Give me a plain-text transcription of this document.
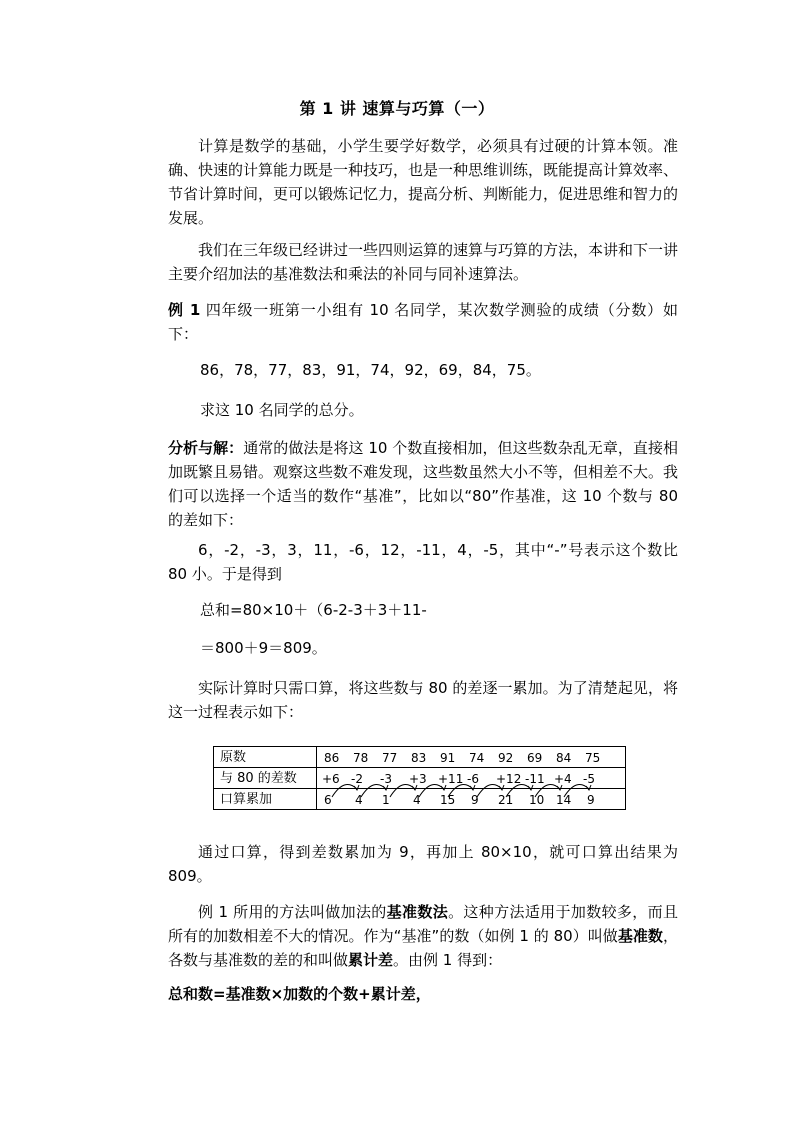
第 1 讲 速算与巧算（一）
计算是数学的基础，小学生要学好数学，必须具有过硬的计算本领。准确、快速的计算能力既是一种技巧，也是一种思维训练，既能提高计算效率、节省计算时间，更可以锻炼记忆力，提高分析、判断能力，促进思维和智力的发展。
我们在三年级已经讲过一些四则运算的速算与巧算的方法，本讲和下一讲主要介绍加法的基准数法和乘法的补同与同补速算法。
例 1 四年级一班第一小组有 10 名同学，某次数学测验的成绩（分数）如下：
86，78，77，83，91，74，92，69，84，75。
求这 10 名同学的总分。
分析与解：通常的做法是将这 10 个数直接相加，但这些数杂乱无章，直接相加既繁且易错。观察这些数不难发现，这些数虽然大小不等，但相差不大。我们可以选择一个适当的数作“基准”，比如以“80”作基准，这 10 个数与 80 的差如下：
6，-2，-3，3，11，-6，12，-11，4，-5，其中“-”号表示这个数比 80 小。于是得到
总和=80×10＋（6-2-3＋3＋11-
＝800＋9＝809。
实际计算时只需口算，将这些数与 80 的差逐一累加。为了清楚起见，将这一过程表示如下：
原数
与 80 的差数
口算累加
86 78 77 83 91 74 92 69 84 75
+6 -2 -3 +3 +11 -6 +12 -11 +4 -5
6 4 1 4 15 9 21 10 14 9
通过口算，得到差数累加为 9，再加上 80×10，就可口算出结果为 809。
例 1 所用的方法叫做加法的基准数法。这种方法适用于加数较多，而且所有的加数相差不大的情况。作为“基准”的数（如例 1 的 80）叫做基准数，各数与基准数的差的和叫做累计差。由例 1 得到：
总和数=基准数×加数的个数+累计差，
